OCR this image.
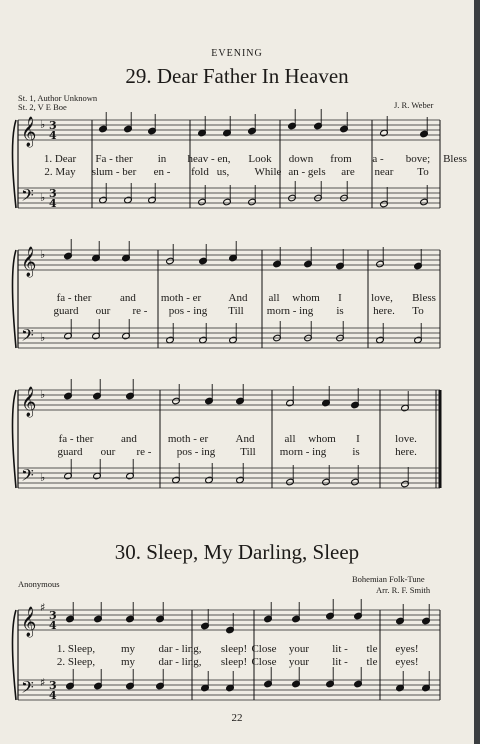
EVENING
29. Dear Father In Heaven
St. 1, Author Unknown
St. 2, V E Boe	J. R. Weber
𝄞
𝄢
♭
♭
3
3
4
4
1. Dear Fa - ther in heav - en, Look down from a - bove; Bless
2. May slum - ber en - fold us, While an - gels are near To
𝄞
𝄢
♭
♭
fa - ther	and moth - er And all whom I	love, Bless
guard our re - pos - ing Till morn - ing is	here. To
𝄞
𝄢
♭
♭
fa - ther	and	moth - er And	all whom I	love.
guard our re - pos - ing Till morn - ing is	here.
30. Sleep, My Darling, Sleep
Anonymous	Bohemian Folk-Tune
Arr. R. F. Smith
𝄞
𝄢
♯
♯
3
3
4
4
1. Sleep, my dar - ling, sleep! Close your lit - tle eyes!
2. Sleep, my dar - ling, sleep! Close your lit - tle eyes!
22
